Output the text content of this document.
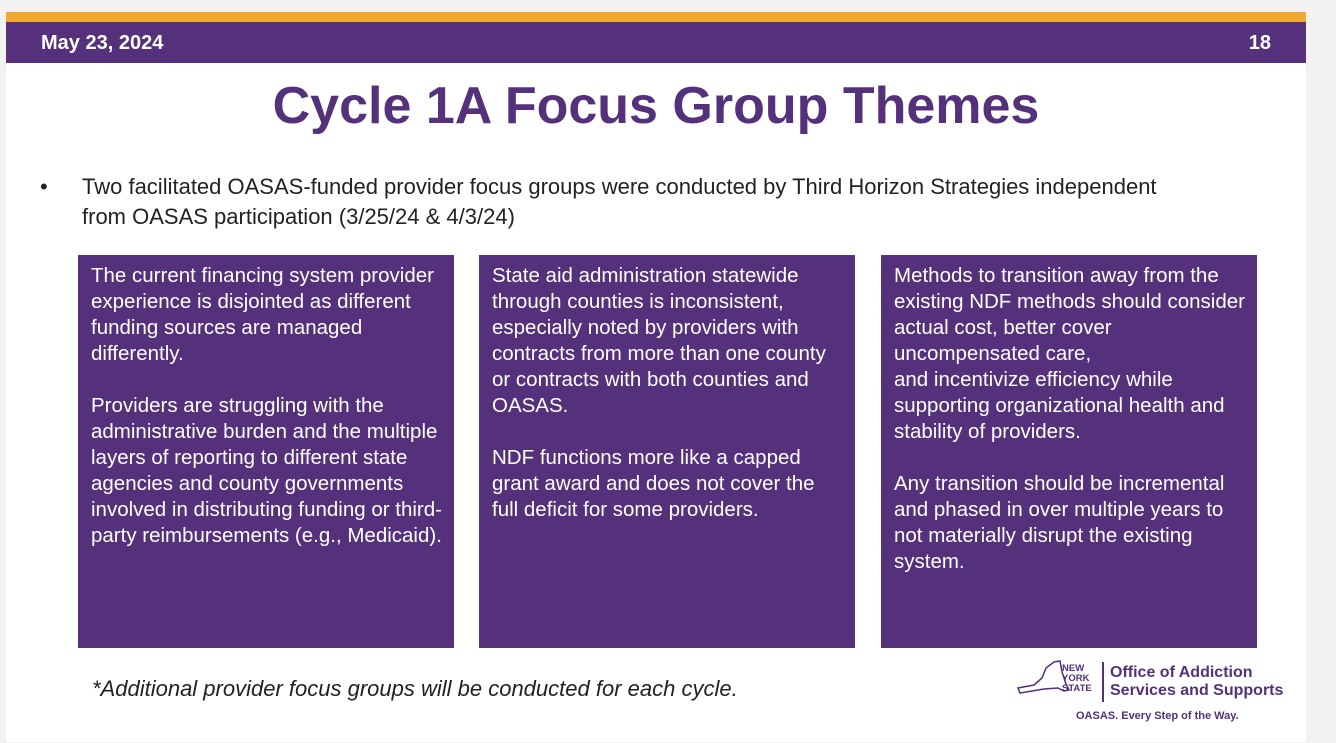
May 23, 2024	18
Cycle 1A Focus Group Themes
• Two facilitated OASAS-funded provider focus groups were conducted by Third Horizon Strategies independent from OASAS participation (3/25/24 & 4/3/24)

The current financing system provider experience is disjointed as different funding sources are managed differently.

Providers are struggling with the administrative burden and the multiple layers of reporting to different state agencies and county governments involved in distributing funding or third-party reimbursements (e.g., Medicaid).

State aid administration statewide through counties is inconsistent, especially noted by providers with contracts from more than one county or contracts with both counties and OASAS.

NDF functions more like a capped grant award and does not cover the full deficit for some providers.

Methods to transition away from the existing NDF methods should consider actual cost, better cover uncompensated care,

and incentivize efficiency while supporting organizational health and stability of providers.

Any transition should be incremental and phased in over multiple years to not materially disrupt the existing system.

*Additional provider focus groups will be conducted for each cycle.
NEW
YORK
STATE
Office of Addiction
Services and Supports
OASAS. Every Step of the Way.
